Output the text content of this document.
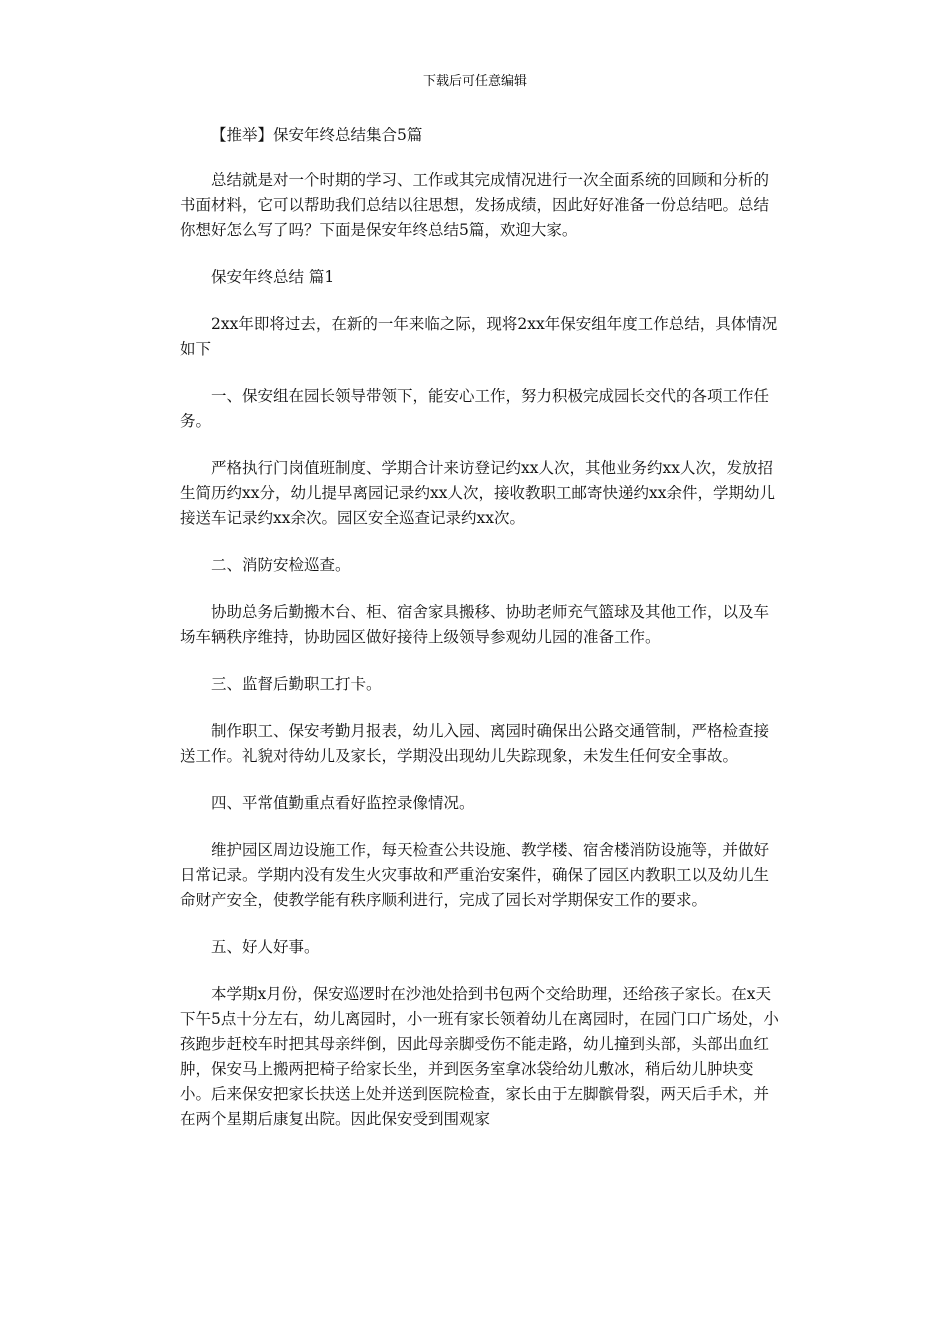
下载后可任意编辑

【推举】保安年终总结集合5篇

总结就是对一个时期的学习、工作或其完成情况进行一次全面系统的回顾和分析的书面材料，它可以帮助我们总结以往思想，发扬成绩，因此好好准备一份总结吧。总结你想好怎么写了吗？下面是保安年终总结5篇，欢迎大家。

保安年终总结 篇1

2xx年即将过去，在新的一年来临之际，现将2xx年保安组年度工作总结，具体情况如下

一、保安组在园长领导带领下，能安心工作，努力积极完成园长交代的各项工作任务。

严格执行门岗值班制度、学期合计来访登记约xx人次，其他业务约xx人次，发放招生简历约xx分，幼儿提早离园记录约xx人次，接收教职工邮寄快递约xx余件，学期幼儿接送车记录约xx余次。园区安全巡查记录约xx次。

二、消防安检巡查。

协助总务后勤搬木台、柜、宿舍家具搬移、协助老师充气篮球及其他工作，以及车场车辆秩序维持，协助园区做好接待上级领导参观幼儿园的准备工作。

三、监督后勤职工打卡。

制作职工、保安考勤月报表，幼儿入园、离园时确保出公路交通管制，严格检查接送工作。礼貌对待幼儿及家长，学期没出现幼儿失踪现象，未发生任何安全事故。

四、平常值勤重点看好监控录像情况。

维护园区周边设施工作，每天检查公共设施、教学楼、宿舍楼消防设施等，并做好日常记录。学期内没有发生火灾事故和严重治安案件，确保了园区内教职工以及幼儿生命财产安全，使教学能有秩序顺利进行，完成了园长对学期保安工作的要求。

五、好人好事。

本学期x月份，保安巡逻时在沙池处拾到书包两个交给助理，还给孩子家长。在x天下午5点十分左右，幼儿离园时，小一班有家长领着幼儿在离园时，在园门口广场处，小孩跑步赶校车时把其母亲绊倒，因此母亲脚受伤不能走路，幼儿撞到头部，头部出血红肿，保安马上搬两把椅子给家长坐，并到医务室拿冰袋给幼儿敷冰，稍后幼儿肿块变小。后来保安把家长扶送上处并送到医院检查，家长由于左脚髌骨裂，两天后手术，并在两个星期后康复出院。因此保安受到围观家
